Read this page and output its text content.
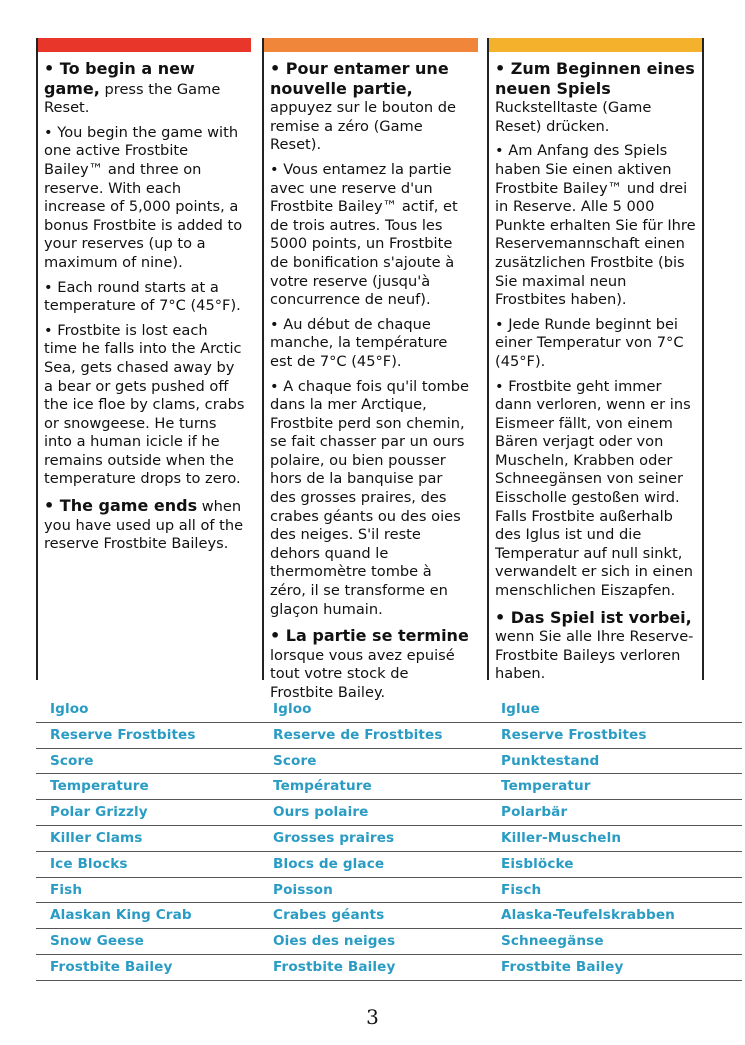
• To begin a new game, press the Game Reset.
• You begin the game with one active Frostbite Bailey™ and three on reserve. With each increase of 5,000 points, a bonus Frostbite is added to your reserves (up to a maximum of nine).
• Each round starts at a temperature of 7°C (45°F).
• Frostbite is lost each time he falls into the Arctic Sea, gets chased away by a bear or gets pushed off the ice floe by clams, crabs or snowgeese. He turns into a human icicle if he remains outside when the temperature drops to zero.
• The game ends when you have used up all of the reserve Frostbite Baileys.
• Pour entamer une nouvelle partie, appuyez sur le bouton de remise a zéro (Game Reset).
• Vous entamez la partie avec une reserve d'un Frostbite Bailey™ actif, et de trois autres. Tous les 5000 points, un Frostbite de bonification s'ajoute à votre reserve (jusqu'à concurrence de neuf).
• Au début de chaque manche, la température est de 7°C (45°F).
• A chaque fois qu'il tombe dans la mer Arctique, Frostbite perd son chemin, se fait chasser par un ours polaire, ou bien pousser hors de la banquise par des grosses praires, des crabes géants ou des oies des neiges. S'il reste dehors quand le thermomètre tombe à zéro, il se transforme en glaçon humain.
• La partie se termine lorsque vous avez epuisé tout votre stock de Frostbite Bailey.
• Zum Beginnen eines neuen Spiels Ruckstelltaste (Game Reset) drücken.
• Am Anfang des Spiels haben Sie einen aktiven Frostbite Bailey™ und drei in Reserve. Alle 5 000 Punkte erhalten Sie für Ihre Reservemannschaft einen zusätzlichen Frostbite (bis Sie maximal neun Frostbites haben).
• Jede Runde beginnt bei einer Temperatur von 7°C (45°F).
• Frostbite geht immer dann verloren, wenn er ins Eismeer fällt, von einem Bären verjagt oder von Muscheln, Krabben oder Schneegänsen von seiner Eisscholle gestoßen wird. Falls Frostbite außerhalb des Iglus ist und die Temperatur auf null sinkt, verwandelt er sich in einen menschlichen Eiszapfen.
• Das Spiel ist vorbei, wenn Sie alle Ihre Reserve-Frostbite Baileys verloren haben.
Igloo	Igloo	Iglue
Reserve Frostbites	Reserve de Frostbites	Reserve Frostbites
Score	Score	Punktestand
Temperature	Température	Temperatur
Polar Grizzly	Ours polaire	Polarbär
Killer Clams	Grosses praires	Killer-Muscheln
Ice Blocks	Blocs de glace	Eisblöcke
Fish	Poisson	Fisch
Alaskan King Crab	Crabes géants	Alaska-Teufelskrabben
Snow Geese	Oies des neiges	Schneegänse
Frostbite Bailey	Frostbite Bailey	Frostbite Bailey
3
